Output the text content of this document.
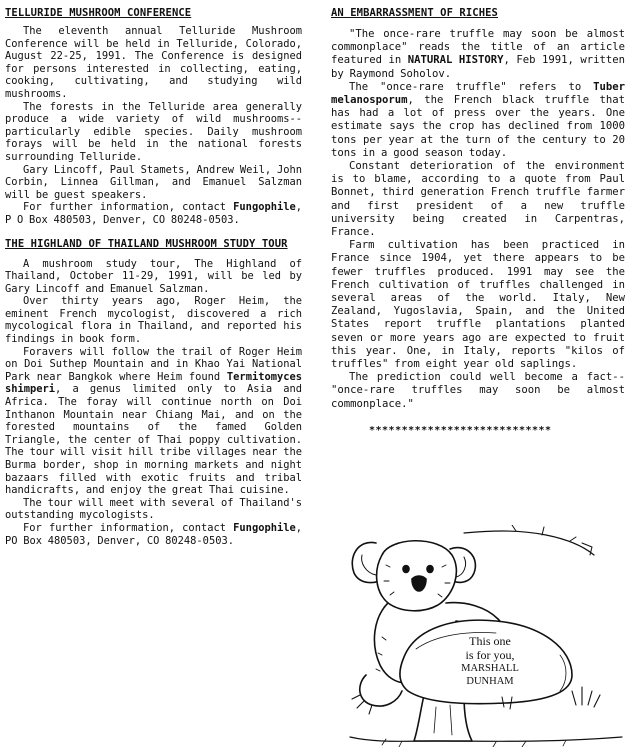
TELLURIDE MUSHROOM CONFERENCE

The eleventh annual Telluride Mushroom Conference will be held in Telluride, Colorado, August 22-25, 1991. The Conference is designed for persons interested in collecting, eating, cooking, cultivating, and studying wild mushrooms.

The forests in the Telluride area generally produce a wide variety of wild mushrooms--particularly edible species. Daily mushroom forays will be held in the national forests surrounding Telluride.

Gary Lincoff, Paul Stamets, Andrew Weil, John Corbin, Linnea Gillman, and Emanuel Salzman will be guest speakers.

For further information, contact Fungophile, P O Box 480503, Denver, CO 80248-0503.

THE HIGHLAND OF THAILAND MUSHROOM STUDY TOUR

A mushroom study tour, The Highland of Thailand, October 11-29, 1991, will be led by Gary Lincoff and Emanuel Salzman.

Over thirty years ago, Roger Heim, the eminent French mycologist, discovered a rich mycological flora in Thailand, and reported his findings in book form.

Foravers will follow the trail of Roger Heim on Doi Suthep Mountain and in Khao Yai National Park near Bangkok where Heim found Termitomyces shimperi, a genus limited only to Asia and Africa. The foray will continue north on Doi Inthanon Mountain near Chiang Mai, and on the forested mountains of the famed Golden Triangle, the center of Thai poppy cultivation. The tour will visit hill tribe villages near the Burma border, shop in morning markets and night bazaars filled with exotic fruits and tribal handicrafts, and enjoy the great Thai cuisine.

The tour will meet with several of Thailand's outstanding mycologists.

For further information, contact Fungophile, PO Box 480503, Denver, CO 80248-0503.

AN EMBARRASSMENT OF RICHES

"The once-rare truffle may soon be almost commonplace" reads the title of an article featured in NATURAL HISTORY, Feb 1991, written by Raymond Soholov.

The "once-rare truffle" refers to Tuber melanosporum, the French black truffle that has had a lot of press over the years. One estimate says the crop has declined from 1000 tons per year at the turn of the century to 20 tons in a good season today.

Constant deterioration of the environment is to blame, according to a quote from Paul Bonnet, third generation French truffle farmer and first president of a new truffle university being created in Carpentras, France.

Farm cultivation has been practiced in France since 1904, yet there appears to be fewer truffles produced. 1991 may see the French cultivation of truffles challenged in several areas of the world. Italy, New Zealand, Yugoslavia, Spain, and the United States report truffle plantations planted seven or more years ago are expected to fruit this year. One, in Italy, reports "kilos of truffles" from eight year old saplings.

The prediction could well become a fact--"once-rare truffles may soon be almost commonplace."

****************************
This one
is for you,
MARSHALL
DUNHAM
